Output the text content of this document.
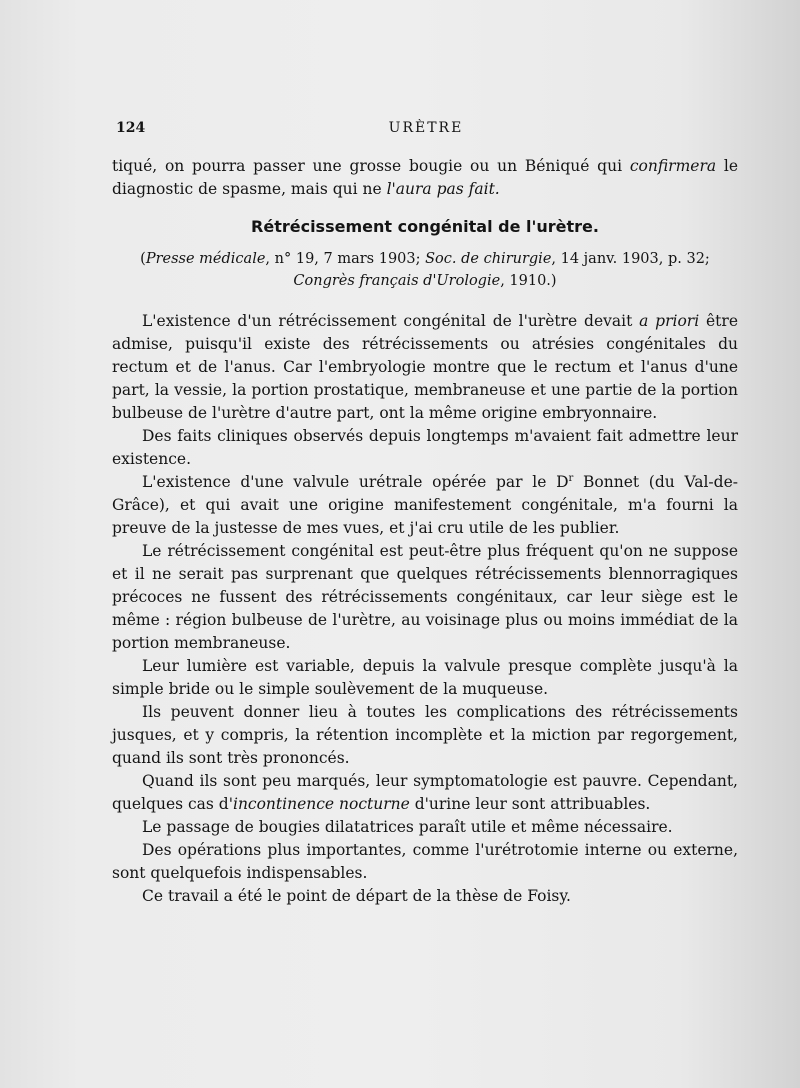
124	URÈTRE

tiqué, on pourra passer une grosse bougie ou un Béniqué qui confirmera le diagnostic de spasme, mais qui ne l'aura pas fait.

Rétrécissement congénital de l'urètre.

(Presse médicale, n° 19, 7 mars 1903; Soc. de chirurgie, 14 janv. 1903, p. 32;
Congrès français d'Urologie, 1910.)

L'existence d'un rétrécissement congénital de l'urètre devait a priori être admise, puisqu'il existe des rétrécissements ou atrésies congénitales du rectum et de l'anus. Car l'embryologie montre que le rectum et l'anus d'une part, la vessie, la portion prostatique, membraneuse et une partie de la portion bulbeuse de l'urètre d'autre part, ont la même origine embryonnaire.

Des faits cliniques observés depuis longtemps m'avaient fait admettre leur existence.

L'existence d'une valvule urétrale opérée par le $D^r$ Bonnet (du Val-de-Grâce), et qui avait une origine manifestement congénitale, m'a fourni la preuve de la justesse de mes vues, et j'ai cru utile de les publier.

Le rétrécissement congénital est peut-être plus fréquent qu'on ne suppose et il ne serait pas surprenant que quelques rétrécissements blennorragiques précoces ne fussent des rétrécissements congénitaux, car leur siège est le même : région bulbeuse de l'urètre, au voisinage plus ou moins immédiat de la portion membraneuse.

Leur lumière est variable, depuis la valvule presque complète jusqu'à la simple bride ou le simple soulèvement de la muqueuse.

Ils peuvent donner lieu à toutes les complications des rétrécissements jusques, et y compris, la rétention incomplète et la miction par regorgement, quand ils sont très prononcés.

Quand ils sont peu marqués, leur symptomatologie est pauvre. Cependant, quelques cas d'incontinence nocturne d'urine leur sont attribuables.

Le passage de bougies dilatatrices paraît utile et même nécessaire.

Des opérations plus importantes, comme l'urétrotomie interne ou externe, sont quelquefois indispensables.

Ce travail a été le point de départ de la thèse de Foisy.
